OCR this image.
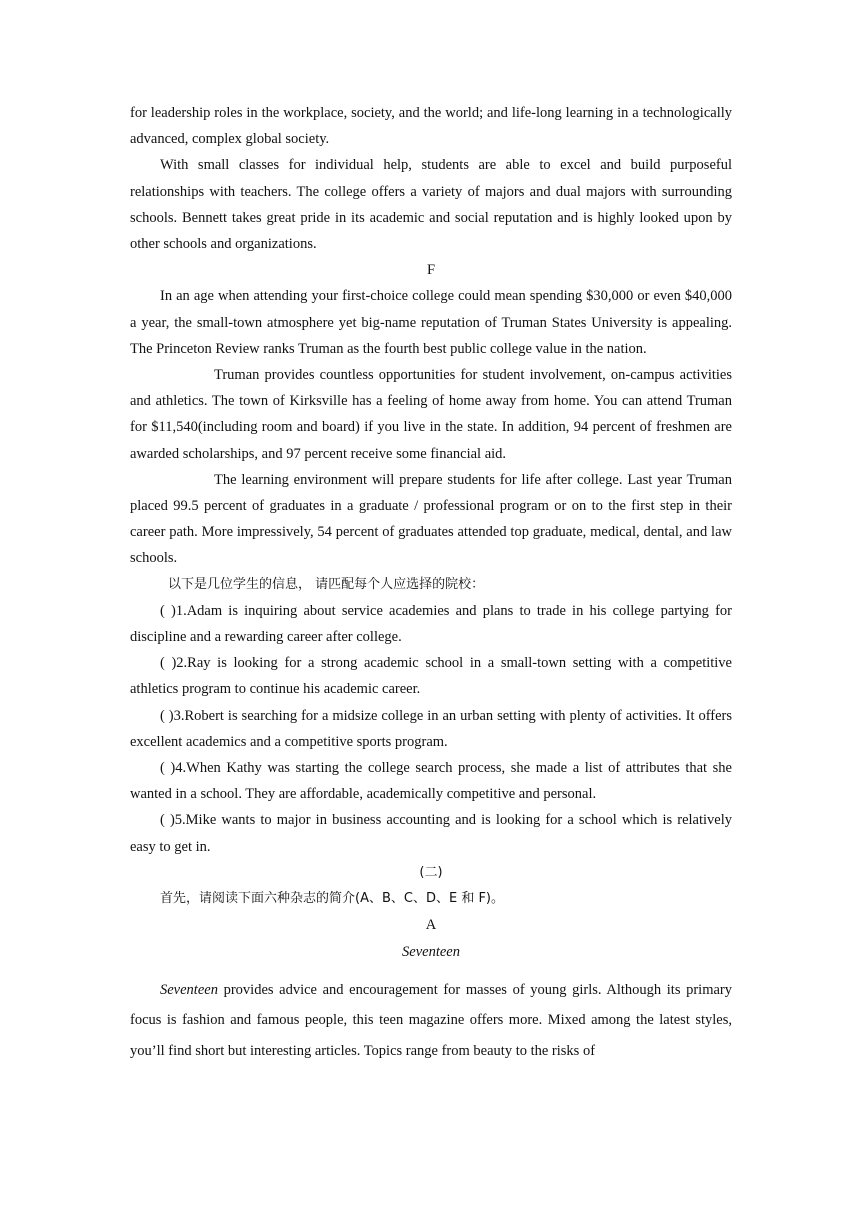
for leadership roles in the workplace, society, and the world; and life-long learning in a technologically advanced, complex global society.

With small classes for individual help, students are able to excel and build purposeful relationships with teachers. The college offers a variety of majors and dual majors with surrounding schools. Bennett takes great pride in its academic and social reputation and is highly looked upon by other schools and organizations.

F

In an age when attending your first-choice college could mean spending $30,000 or even $40,000 a year, the small-town atmosphere yet big-name reputation of Truman States University is appealing. The Princeton Review ranks Truman as the fourth best public college value in the nation.

Truman provides countless opportunities for student involvement, on-campus activities and athletics. The town of Kirksville has a feeling of home away from home. You can attend Truman for $11,540(including room and board) if you live in the state. In addition, 94 percent of freshmen are awarded scholarships, and 97 percent receive some financial aid.

The learning environment will prepare students for life after college. Last year Truman placed 99.5 percent of graduates in a graduate / professional program or on to the first step in their career path. More impressively, 54 percent of graduates attended top graduate, medical, dental, and law schools.

以下是几位学生的信息， 请匹配每个人应选择的院校：

( )1.Adam is inquiring about service academies and plans to trade in his college partying for discipline and a rewarding career after college.

( )2.Ray is looking for a strong academic school in a small-town setting with a competitive athletics program to continue his academic career.

( )3.Robert is searching for a midsize college in an urban setting with plenty of activities. It offers excellent academics and a competitive sports program.

( )4.When Kathy was starting the college search process, she made a list of attributes that she wanted in a school. They are affordable, academically competitive and personal.

( )5.Mike wants to major in business accounting and is looking for a school which is relatively easy to get in.

(二)

首先，请阅读下面六种杂志的简介(A、B、C、D、E 和 F)。

A

Seventeen

Seventeen provides advice and encouragement for masses of young girls. Although its primary focus is fashion and famous people, this teen magazine offers more. Mixed among the latest styles, you’ll find short but interesting articles. Topics range from beauty to the risks of
